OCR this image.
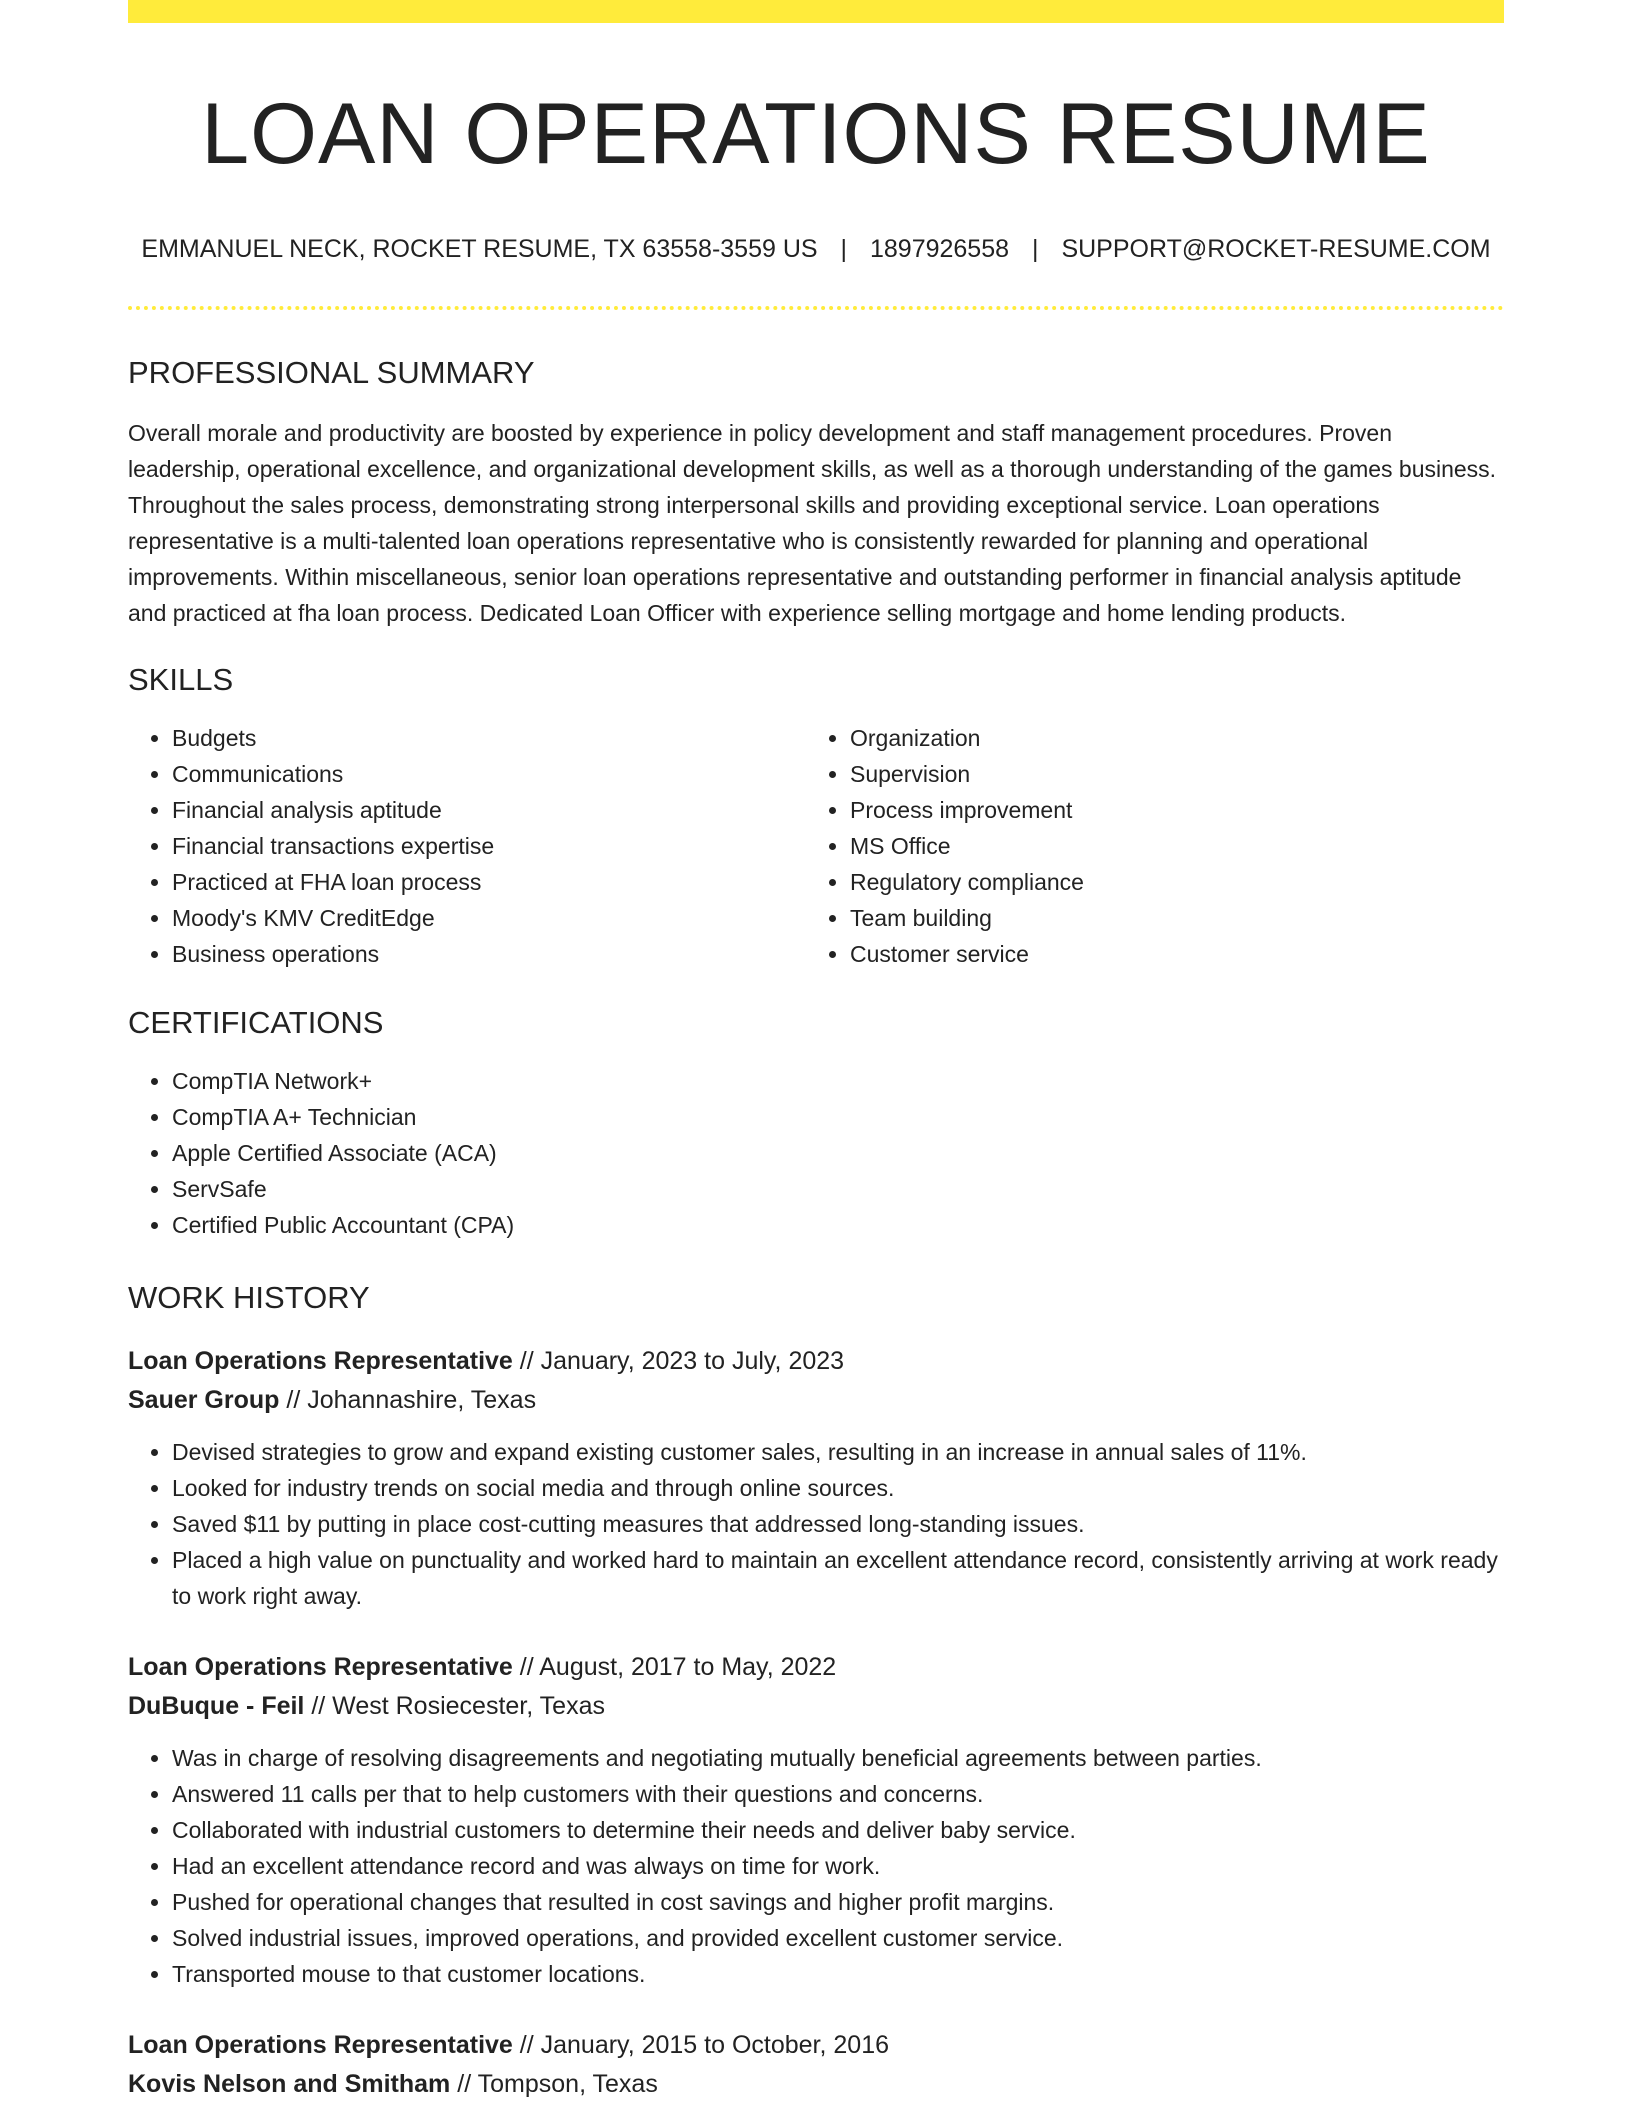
LOAN OPERATIONS RESUME
EMMANUEL NECK, ROCKET RESUME, TX 63558-3559 US | 1897926558 | SUPPORT@ROCKET-RESUME.COM
PROFESSIONAL SUMMARY

Overall morale and productivity are boosted by experience in policy development and staff management procedures. Proven leadership, operational excellence, and organizational development skills, as well as a thorough understanding of the games business. Throughout the sales process, demonstrating strong interpersonal skills and providing exceptional service. Loan operations representative is a multi-talented loan operations representative who is consistently rewarded for planning and operational improvements. Within miscellaneous, senior loan operations representative and outstanding performer in financial analysis aptitude and practiced at fha loan process. Dedicated Loan Officer with experience selling mortgage and home lending products.

SKILLS
• Budgets
• Communications
• Financial analysis aptitude
• Financial transactions expertise
• Practiced at FHA loan process
• Moody's KMV CreditEdge
• Business operations
• Organization
• Supervision
• Process improvement
• MS Office
• Regulatory compliance
• Team building
• Customer service
CERTIFICATIONS
• CompTIA Network+
• CompTIA A+ Technician
• Apple Certified Associate (ACA)
• ServSafe
• Certified Public Accountant (CPA)
WORK HISTORY
Loan Operations Representative // January, 2023 to July, 2023
Sauer Group // Johannashire, Texas
• Devised strategies to grow and expand existing customer sales, resulting in an increase in annual sales of 11%.
• Looked for industry trends on social media and through online sources.
• Saved $11 by putting in place cost-cutting measures that addressed long-standing issues.
• Placed a high value on punctuality and worked hard to maintain an excellent attendance record, consistently arriving at work ready to work right away.
Loan Operations Representative // August, 2017 to May, 2022
DuBuque - Feil // West Rosiecester, Texas
• Was in charge of resolving disagreements and negotiating mutually beneficial agreements between parties.
• Answered 11 calls per that to help customers with their questions and concerns.
• Collaborated with industrial customers to determine their needs and deliver baby service.
• Had an excellent attendance record and was always on time for work.
• Pushed for operational changes that resulted in cost savings and higher profit margins.
• Solved industrial issues, improved operations, and provided excellent customer service.
• Transported mouse to that customer locations.
Loan Operations Representative // January, 2015 to October, 2016
Kovis Nelson and Smitham // Tompson, Texas
